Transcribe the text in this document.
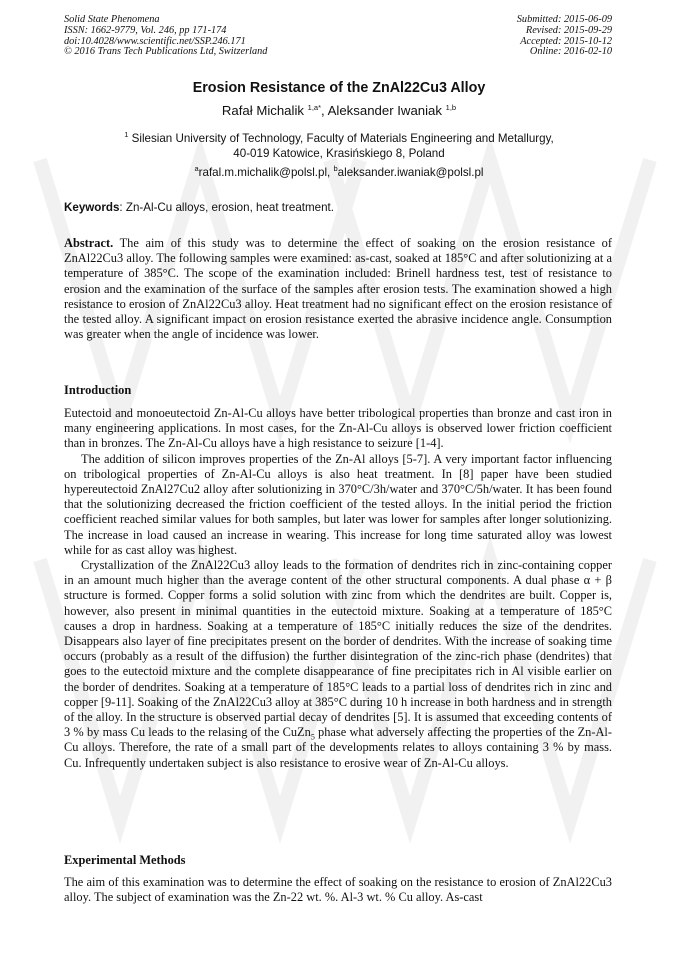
Solid State Phenomena
ISSN: 1662-9779, Vol. 246, pp 171-174
doi:10.4028/www.scientific.net/SSP.246.171
© 2016 Trans Tech Publications Ltd, Switzerland
Submitted: 2015-06-09
Revised: 2015-09-29
Accepted: 2015-10-12
Online: 2016-02-10
Erosion Resistance of the ZnAl22Cu3 Alloy
Rafał Michalik $^{1,a*}$, Aleksander Iwaniak $^{1,b}$
$^1$ Silesian University of Technology, Faculty of Materials Engineering and Metallurgy,
40-019 Katowice, Krasińskiego 8, Poland
$^a$rafal.m.michalik@polsl.pl, $^b$aleksander.iwaniak@polsl.pl
Keywords: Zn-Al-Cu alloys, erosion, heat treatment.

Abstract. The aim of this study was to determine the effect of soaking on the erosion resistance of ZnAl22Cu3 alloy. The following samples were examined: as-cast, soaked at 185°C and after solutionizing at a temperature of 385°C. The scope of the examination included: Brinell hardness test, test of resistance to erosion and the examination of the surface of the samples after erosion tests. The examination showed a high resistance to erosion of ZnAl22Cu3 alloy. Heat treatment had no significant effect on the erosion resistance of the tested alloy. A significant impact on erosion resistance exerted the abrasive incidence angle. Consumption was greater when the angle of incidence was lower.

Introduction

Eutectoid and monoeutectoid Zn-Al-Cu alloys have better tribological properties than bronze and cast iron in many engineering applications. In most cases, for the Zn-Al-Cu alloys is observed lower friction coefficient than in bronzes. The Zn-Al-Cu alloys have a high resistance to seizure [1-4].

The addition of silicon improves properties of the Zn-Al alloys [5-7]. A very important factor influencing on tribological properties of Zn-Al-Cu alloys is also heat treatment. In [8] paper have been studied hypereutectoid ZnAl27Cu2 alloy after solutionizing in 370°C/3h/water and 370°C/5h/water. It has been found that the solutionizing decreased the friction coefficient of the tested alloys. In the initial period the friction coefficient reached similar values for both samples, but later was lower for samples after longer solutionizing. The increase in load caused an increase in wearing. This increase for long time saturated alloy was lowest while for as cast alloy was highest.

Crystallization of the ZnAl22Cu3 alloy leads to the formation of dendrites rich in zinc-containing copper in an amount much higher than the average content of the other structural components. A dual phase α + β structure is formed. Copper forms a solid solution with zinc from which the dendrites are built. Copper is, however, also present in minimal quantities in the eutectoid mixture. Soaking at a temperature of 185°C causes a drop in hardness. Soaking at a temperature of 185°C initially reduces the size of the dendrites. Disappears also layer of fine precipitates present on the border of dendrites. With the increase of soaking time occurs (probably as a result of the diffusion) the further disintegration of the zinc-rich phase (dendrites) that goes to the eutectoid mixture and the complete disappearance of fine precipitates rich in Al visible earlier on the border of dendrites. Soaking at a temperature of 185°C leads to a partial loss of dendrites rich in zinc and copper [9-11]. Soaking of the ZnAl22Cu3 alloy at 385°C during 10 h increase in both hardness and in strength of the alloy. In the structure is observed partial decay of dendrites [5]. It is assumed that exceeding contents of 3 % by mass Cu leads to the relasing of the CuZn$_5$ phase what adversely affecting the properties of the Zn-Al-Cu alloys. Therefore, the rate of a small part of the developments relates to alloys containing 3 % by mass. Cu. Infrequently undertaken subject is also resistance to erosive wear of Zn-Al-Cu alloys.

Experimental Methods

The aim of this examination was to determine the effect of soaking on the resistance to erosion of ZnAl22Cu3 alloy. The subject of examination was the Zn-22 wt. %. Al-3 wt. % Cu alloy. As-cast
